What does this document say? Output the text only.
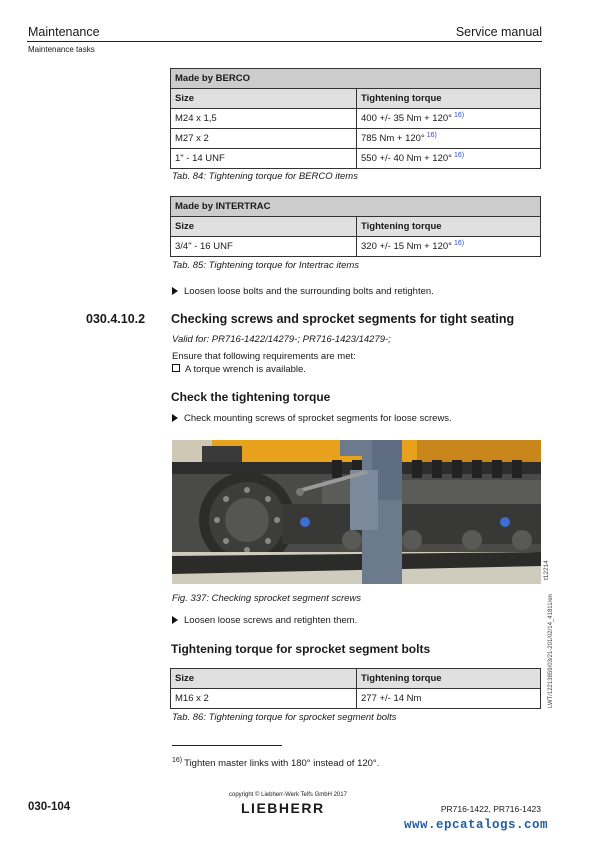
Maintenance	Service manual
Maintenance tasks
Made by BERCO	
Size	Tightening torque
M24 x 1,5	400 +/- 35 Nm + 120° $^{16)}$
M27 x 2	785 Nm + 120° $^{16)}$
1" - 14 UNF	550 +/- 40 Nm + 120° $^{16)}$
Tab. 84: Tightening torque for BERCO items
Made by INTERTRAC	
Size	Tightening torque
3/4" - 16 UNF	320 +/- 15 Nm + 120° $^{16)}$
Tab. 85: Tightening torque for Intertrac items
Loosen loose bolts and the surrounding bolts and retighten.
030.4.10.2 Checking screws and sprocket segments for tight seating
Valid for: PR716-1422/14279-; PR716-1423/14279-;
Ensure that following requirements are met:
A torque wrench is available.
Check the tightening torque
Check mounting screws of sprocket segments for loose screws.
t12214
Fig. 337: Checking sprocket segment screws
Loosen loose screws and retighten them.
Tightening torque for sprocket segment bolts
Size	Tightening torque
M16 x 2	277 +/- 14 Nm
Tab. 86: Tightening torque for sprocket segment bolts
LWT/12213859/03/21-201/02/14_41811/en
$^{16)}$ Tighten master links with 180° instead of 120°.
030-104
copyright © Liebherr-Werk Telfs GmbH 2017
LIEBHERR	PR716-1422, PR716-1423
www.epcatalogs.com
